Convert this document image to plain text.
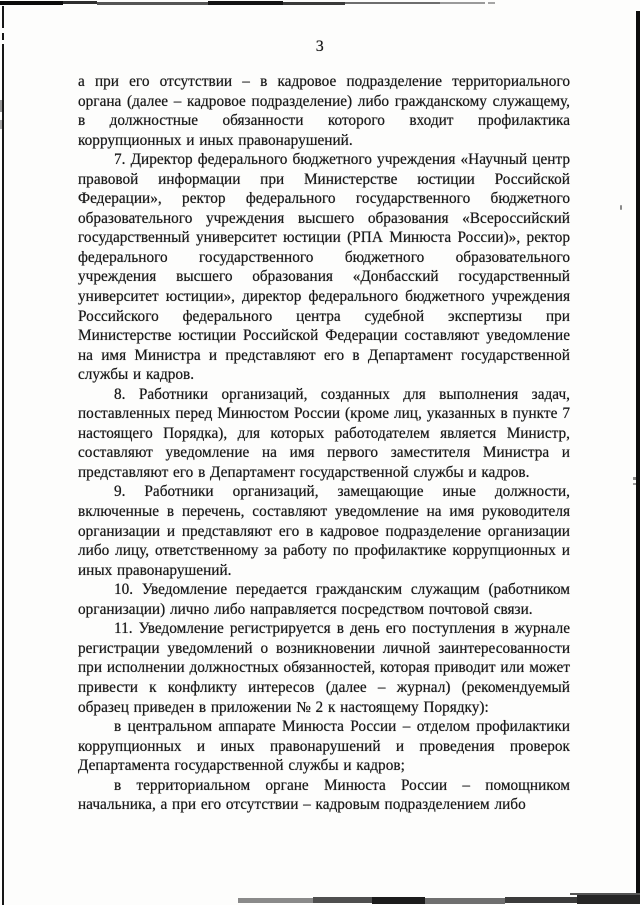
3

а при его отсутствии – в кадровое подразделение территориального органа (далее – кадровое подразделение) либо гражданскому служащему, в должностные обязанности которого входит профилактика коррупционных и иных правонарушений.

7. Директор федерального бюджетного учреждения «Научный центр правовой информации при Министерстве юстиции Российской Федерации», ректор федерального государственного бюджетного образовательного учреждения высшего образования «Всероссийский государственный университет юстиции (РПА Минюста России)», ректор федерального государственного бюджетного образовательного учреждения высшего образования «Донбасский государственный университет юстиции», директор федерального бюджетного учреждения Российского федерального центра судебной экспертизы при Министерстве юстиции Российской Федерации составляют уведомление на имя Министра и представляют его в Департамент государственной службы и кадров.

8. Работники организаций, созданных для выполнения задач, поставленных перед Минюстом России (кроме лиц, указанных в пункте 7 настоящего Порядка), для которых работодателем является Министр, составляют уведомление на имя первого заместителя Министра и представляют его в Департамент государственной службы и кадров.

9. Работники организаций, замещающие иные должности, включенные в перечень, составляют уведомление на имя руководителя организации и представляют его в кадровое подразделение организации либо лицу, ответственному за работу по профилактике коррупционных и иных правонарушений.

10. Уведомление передается гражданским служащим (работником организации) лично либо направляется посредством почтовой связи.

11. Уведомление регистрируется в день его поступления в журнале регистрации уведомлений о возникновении личной заинтересованности при исполнении должностных обязанностей, которая приводит или может привести к конфликту интересов (далее – журнал) (рекомендуемый образец приведен в приложении № 2 к настоящему Порядку):

в центральном аппарате Минюста России – отделом профилактики коррупционных и иных правонарушений и проведения проверок Департамента государственной службы и кадров;

в территориальном органе Минюста России – помощником начальника, а при его отсутствии – кадровым подразделением либо
